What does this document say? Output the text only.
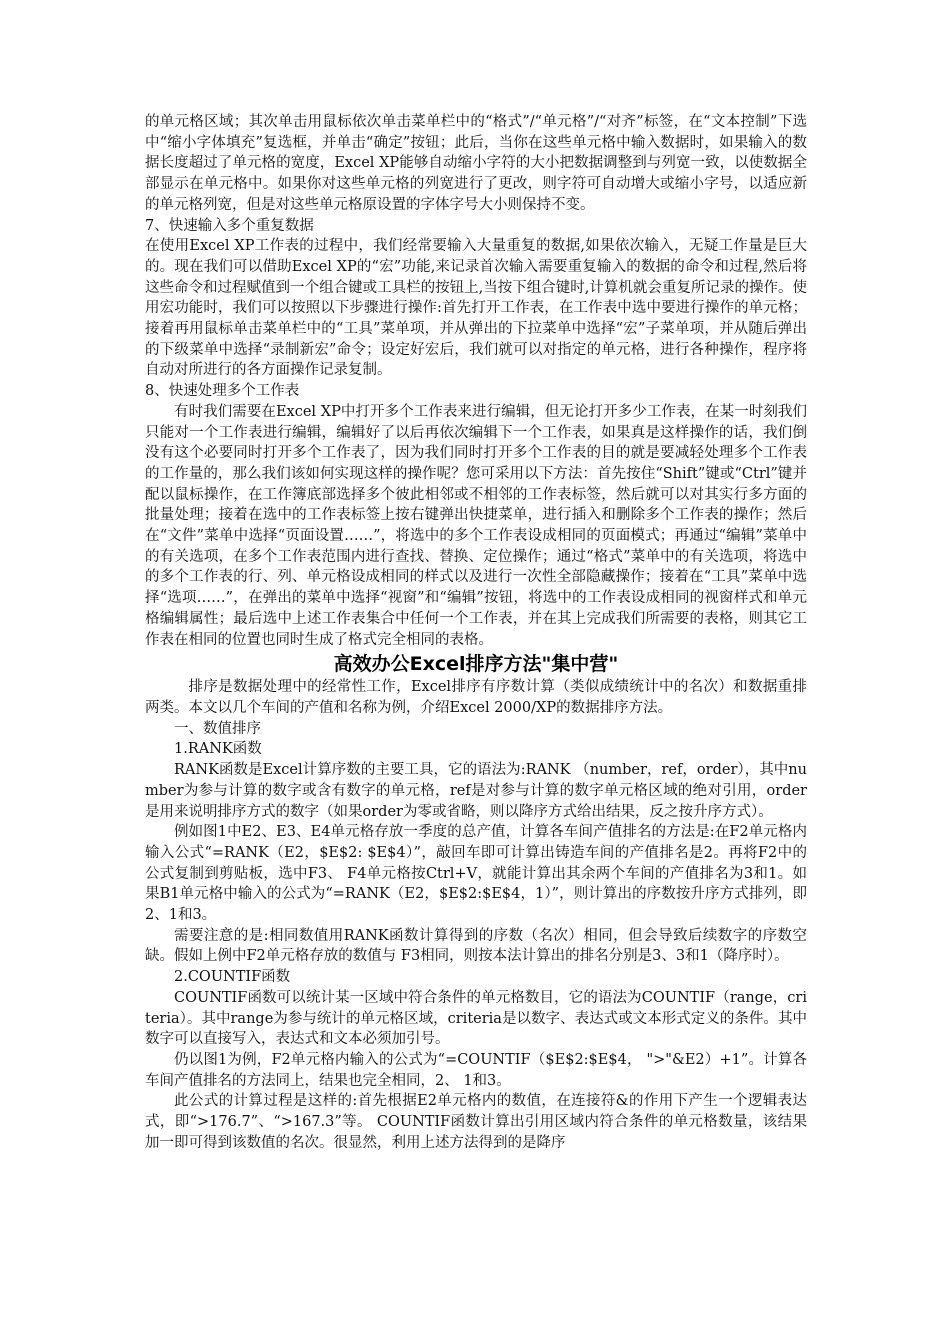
的单元格区域；其次单击用鼠标依次单击菜单栏中的“格式”/“单元格”/“对齐”标签，在“文本控制”下选中“缩小字体填充”复选框，并单击“确定”按钮；此后，当你在这些单元格中输入数据时，如果输入的数据长度超过了单元格的宽度，Excel XP能够自动缩小字符的大小把数据调整到与列宽一致，以使数据全部显示在单元格中。如果你对这些单元格的列宽进行了更改，则字符可自动增大或缩小字号，以适应新的单元格列宽，但是对这些单元格原设置的字体字号大小则保持不变。

7、快速输入多个重复数据

在使用Excel XP工作表的过程中，我们经常要输入大量重复的数据,如果依次输入，无疑工作量是巨大的。现在我们可以借助Excel XP的“宏”功能,来记录首次输入需要重复输入的数据的命令和过程,然后将这些命令和过程赋值到一个组合键或工具栏的按钮上,当按下组合键时,计算机就会重复所记录的操作。使用宏功能时，我们可以按照以下步骤进行操作:首先打开工作表，在工作表中选中要进行操作的单元格；接着再用鼠标单击菜单栏中的“工具”菜单项，并从弹出的下拉菜单中选择“宏”子菜单项，并从随后弹出的下级菜单中选择“录制新宏”命令；设定好宏后，我们就可以对指定的单元格，进行各种操作，程序将自动对所进行的各方面操作记录复制。

8、快速处理多个工作表

有时我们需要在Excel XP中打开多个工作表来进行编辑，但无论打开多少工作表，在某一时刻我们只能对一个工作表进行编辑，编辑好了以后再依次编辑下一个工作表，如果真是这样操作的话，我们倒没有这个必要同时打开多个工作表了，因为我们同时打开多个工作表的目的就是要减轻处理多个工作表的工作量的，那么我们该如何实现这样的操作呢？您可采用以下方法：首先按住“Shift”键或“Ctrl”键并配以鼠标操作，在工作簿底部选择多个彼此相邻或不相邻的工作表标签，然后就可以对其实行多方面的批量处理；接着在选中的工作表标签上按右键弹出快捷菜单，进行插入和删除多个工作表的操作；然后在“文件”菜单中选择“页面设置……”，将选中的多个工作表设成相同的页面模式；再通过“编辑”菜单中的有关选项，在多个工作表范围内进行查找、替换、定位操作；通过“格式”菜单中的有关选项，将选中的多个工作表的行、列、单元格设成相同的样式以及进行一次性全部隐藏操作；接着在“工具”菜单中选择“选项……”，在弹出的菜单中选择“视窗”和“编辑”按钮，将选中的工作表设成相同的视窗样式和单元格编辑属性；最后选中上述工作表集合中任何一个工作表，并在其上完成我们所需要的表格，则其它工作表在相同的位置也同时生成了格式完全相同的表格。

高效办公Excel排序方法"集中营"

排序是数据处理中的经常性工作，Excel排序有序数计算（类似成绩统计中的名次）和数据重排两类。本文以几个车间的产值和名称为例，介绍Excel 2000/XP的数据排序方法。

一、数值排序

1.RANK函数

RANK函数是Excel计算序数的主要工具，它的语法为:RANK （number，ref，order），其中number为参与计算的数字或含有数字的单元格，ref是对参与计算的数字单元格区域的绝对引用，order是用来说明排序方式的数字（如果order为零或省略，则以降序方式给出结果，反之按升序方式）。

例如图1中E2、E3、E4单元格存放一季度的总产值，计算各车间产值排名的方法是:在F2单元格内输入公式“=RANK（E2，$E$2: $E$4）”，敲回车即可计算出铸造车间的产值排名是2。再将F2中的公式复制到剪贴板，选中F3、 F4单元格按Ctrl+V，就能计算出其余两个车间的产值排名为3和1。如果B1单元格中输入的公式为“=RANK（E2，$E$2:$E$4，1）”，则计算出的序数按升序方式排列，即2、1和3。

需要注意的是:相同数值用RANK函数计算得到的序数（名次）相同，但会导致后续数字的序数空缺。假如上例中F2单元格存放的数值与 F3相同，则按本法计算出的排名分别是3、3和1（降序时）。

2.COUNTIF函数

COUNTIF函数可以统计某一区域中符合条件的单元格数目，它的语法为COUNTIF（range，criteria）。其中range为参与统计的单元格区域，criteria是以数字、表达式或文本形式定义的条件。其中数字可以直接写入，表达式和文本必须加引号。

仍以图1为例，F2单元格内输入的公式为“=COUNTIF（$E$2:$E$4， ">"&E2）+1”。计算各车间产值排名的方法同上，结果也完全相同，2、 1和3。

此公式的计算过程是这样的:首先根据E2单元格内的数值，在连接符&的作用下产生一个逻辑表达式，即“>176.7”、“>167.3”等。 COUNTIF函数计算出引用区域内符合条件的单元格数量，该结果加一即可得到该数值的名次。很显然，利用上述方法得到的是降序
